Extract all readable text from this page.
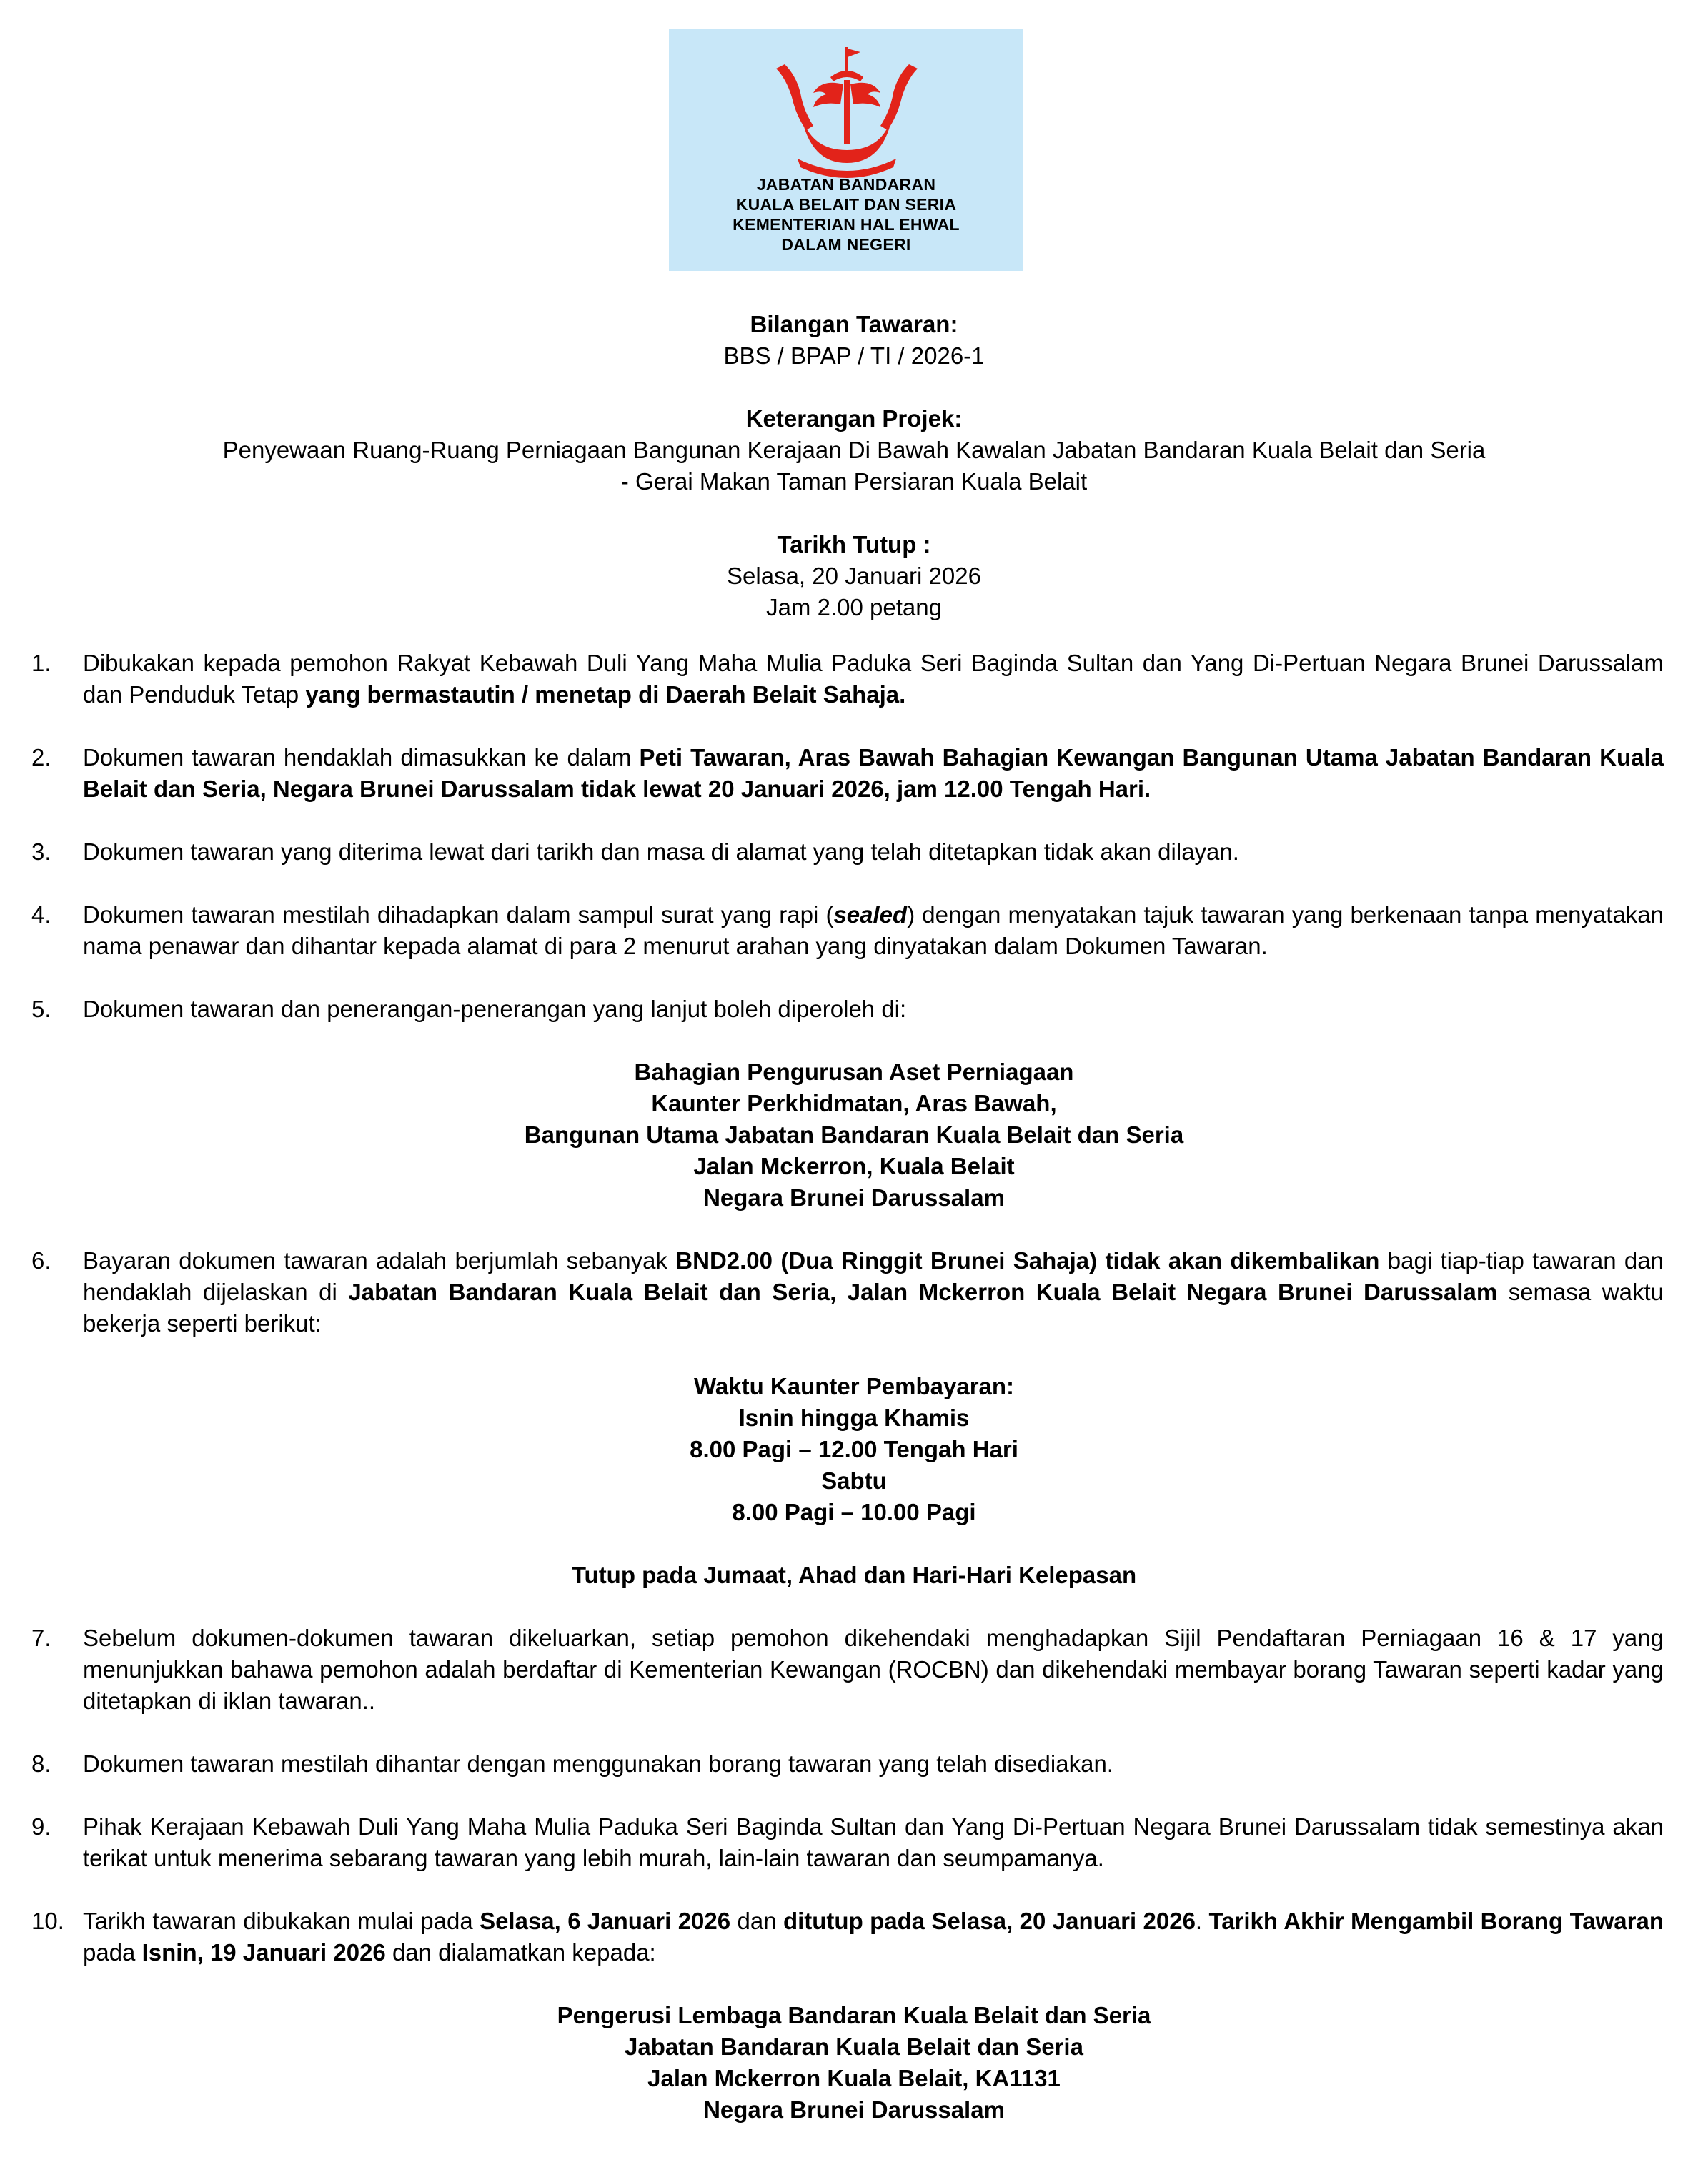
JABATAN BANDARAN
KUALA BELAIT DAN SERIA
KEMENTERIAN HAL EHWAL
DALAM NEGERI
Bilangan Tawaran:
BBS / BPAP / TI / 2026-1
Keterangan Projek:
Penyewaan Ruang-Ruang Perniagaan Bangunan Kerajaan Di Bawah Kawalan Jabatan Bandaran Kuala Belait dan Seria
- Gerai Makan Taman Persiaran Kuala Belait
Tarikh Tutup :
Selasa, 20 Januari 2026
Jam 2.00 petang
1. Dibukakan kepada pemohon Rakyat Kebawah Duli Yang Maha Mulia Paduka Seri Baginda Sultan dan Yang Di-Pertuan Negara Brunei Darussalam dan Penduduk Tetap yang bermastautin / menetap di Daerah Belait Sahaja.
2. Dokumen tawaran hendaklah dimasukkan ke dalam Peti Tawaran, Aras Bawah Bahagian Kewangan Bangunan Utama Jabatan Bandaran Kuala Belait dan Seria, Negara Brunei Darussalam tidak lewat 20 Januari 2026, jam 12.00 Tengah Hari.
3. Dokumen tawaran yang diterima lewat dari tarikh dan masa di alamat yang telah ditetapkan tidak akan dilayan.
4. Dokumen tawaran mestilah dihadapkan dalam sampul surat yang rapi (sealed) dengan menyatakan tajuk tawaran yang berkenaan tanpa menyatakan nama penawar dan dihantar kepada alamat di para 2 menurut arahan yang dinyatakan dalam Dokumen Tawaran.
5. Dokumen tawaran dan penerangan-penerangan yang lanjut boleh diperoleh di:
Bahagian Pengurusan Aset Perniagaan
Kaunter Perkhidmatan, Aras Bawah,
Bangunan Utama Jabatan Bandaran Kuala Belait dan Seria
Jalan Mckerron, Kuala Belait
Negara Brunei Darussalam
6. Bayaran dokumen tawaran adalah berjumlah sebanyak BND2.00 (Dua Ringgit Brunei Sahaja) tidak akan dikembalikan bagi tiap-tiap tawaran dan hendaklah dijelaskan di Jabatan Bandaran Kuala Belait dan Seria, Jalan Mckerron Kuala Belait Negara Brunei Darussalam semasa waktu bekerja seperti berikut:
Waktu Kaunter Pembayaran:
Isnin hingga Khamis
8.00 Pagi – 12.00 Tengah Hari
Sabtu
8.00 Pagi – 10.00 Pagi
Tutup pada Jumaat, Ahad dan Hari-Hari Kelepasan
7. Sebelum dokumen-dokumen tawaran dikeluarkan, setiap pemohon dikehendaki menghadapkan Sijil Pendaftaran Perniagaan 16 & 17 yang menunjukkan bahawa pemohon adalah berdaftar di Kementerian Kewangan (ROCBN) dan dikehendaki membayar borang Tawaran seperti kadar yang ditetapkan di iklan tawaran..
8. Dokumen tawaran mestilah dihantar dengan menggunakan borang tawaran yang telah disediakan.
9. Pihak Kerajaan Kebawah Duli Yang Maha Mulia Paduka Seri Baginda Sultan dan Yang Di-Pertuan Negara Brunei Darussalam tidak semestinya akan terikat untuk menerima sebarang tawaran yang lebih murah, lain-lain tawaran dan seumpamanya.
10. Tarikh tawaran dibukakan mulai pada Selasa, 6 Januari 2026 dan ditutup pada Selasa, 20 Januari 2026. Tarikh Akhir Mengambil Borang Tawaran pada Isnin, 19 Januari 2026 dan dialamatkan kepada:
Pengerusi Lembaga Bandaran Kuala Belait dan Seria
Jabatan Bandaran Kuala Belait dan Seria
Jalan Mckerron Kuala Belait, KA1131
Negara Brunei Darussalam
